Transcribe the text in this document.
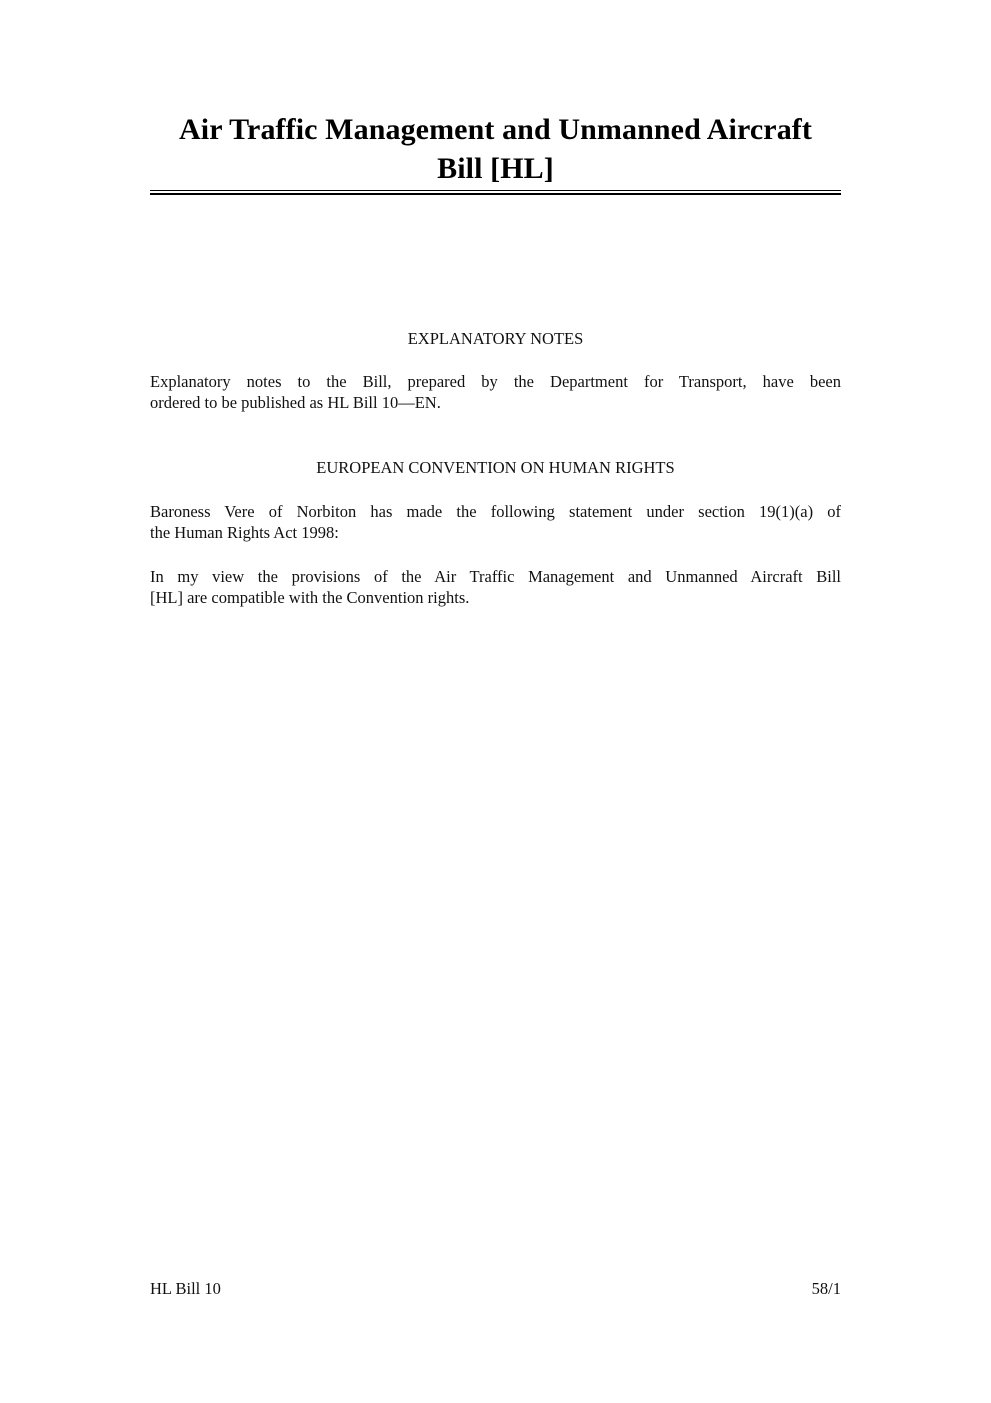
Air Traffic Management and Unmanned Aircraft
Bill [HL]
EXPLANATORY NOTES

Explanatory notes to the Bill, prepared by the Department for Transport, have been
ordered to be published as HL Bill 10—EN.

EUROPEAN CONVENTION ON HUMAN RIGHTS

Baroness Vere of Norbiton has made the following statement under section 19(1)(a) of
the Human Rights Act 1998:

In my view the provisions of the Air Traffic Management and Unmanned Aircraft Bill
[HL] are compatible with the Convention rights.

HL Bill 10	58/1
